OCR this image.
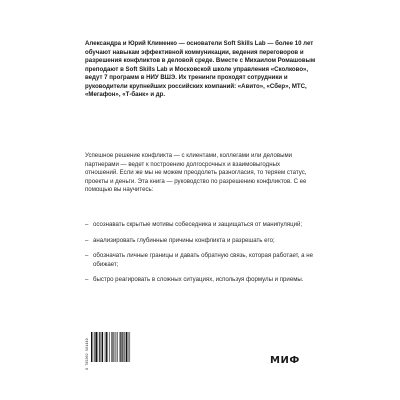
Александра и Юрий Клименко — основатели Soft Skills Lab — более 10 лет обучают навыкам эффективной коммуникации, ведения переговоров и разрешения конфликтов в деловой среде. Вместе с Михаилом Ромашовым преподают в Soft Skills Lab и Московской школе управления «Сколково», ведут 7 программ в НИУ ВШЭ. Их тренинги проходят сотрудники и руководители крупнейших российских компаний: «Авито», «Сбер», МТС, «Мегафон», «Т-банк» и др.

Успешное решение конфликта — с клиентами, коллегами или деловыми партнерами — ведет к построению долгосрочных и взаимовыгодных отношений. Если же мы не можем преодолеть разногласия, то теряем статус, проекты и деньги. Эта книга — руководство по разрешению конфликтов. С ее помощью вы научитесь:

– осознавать скрытые мотивы собеседника и защищаться от манипуляций;
– анализировать глубинные причины конфликта и разрешать его;
– обозначать личные границы и давать обратную связь, которая работает, а не обижает;
– быстро реагировать в сложных ситуациях, используя формулы и приемы.
9 785002 501449	МИФ
